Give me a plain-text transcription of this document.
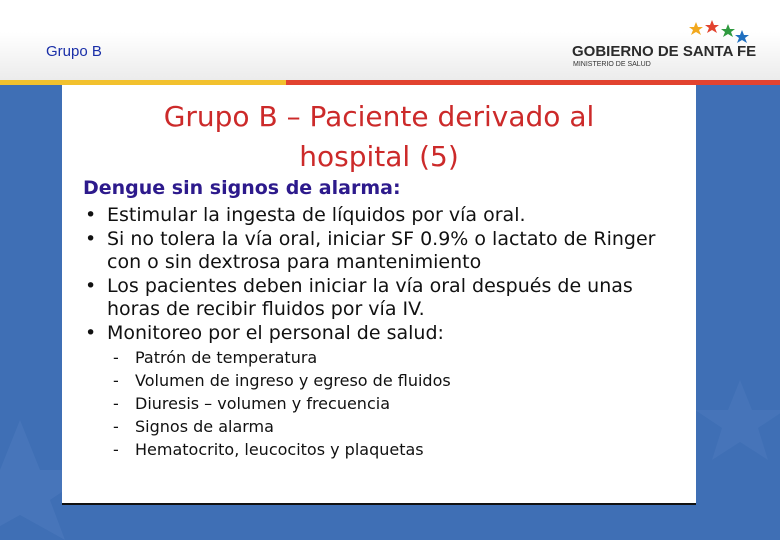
Grupo B	GOBIERNO DE SANTA FE
MINISTERIO DE SALUD
Grupo B – Paciente derivado al
hospital (5)
Dengue sin signos de alarma:
• Estimular la ingesta de líquidos por vía oral.
• Si no tolera la vía oral, iniciar SF 0.9% o lactato de Ringer con o sin dextrosa para mantenimiento
• Los pacientes deben iniciar la vía oral después de unas horas de recibir fluidos por vía IV.
• Monitoreo por el personal de salud:
- Patrón de temperatura
- Volumen de ingreso y egreso de fluidos
- Diuresis – volumen y frecuencia
- Signos de alarma
- Hematocrito, leucocitos y plaquetas
